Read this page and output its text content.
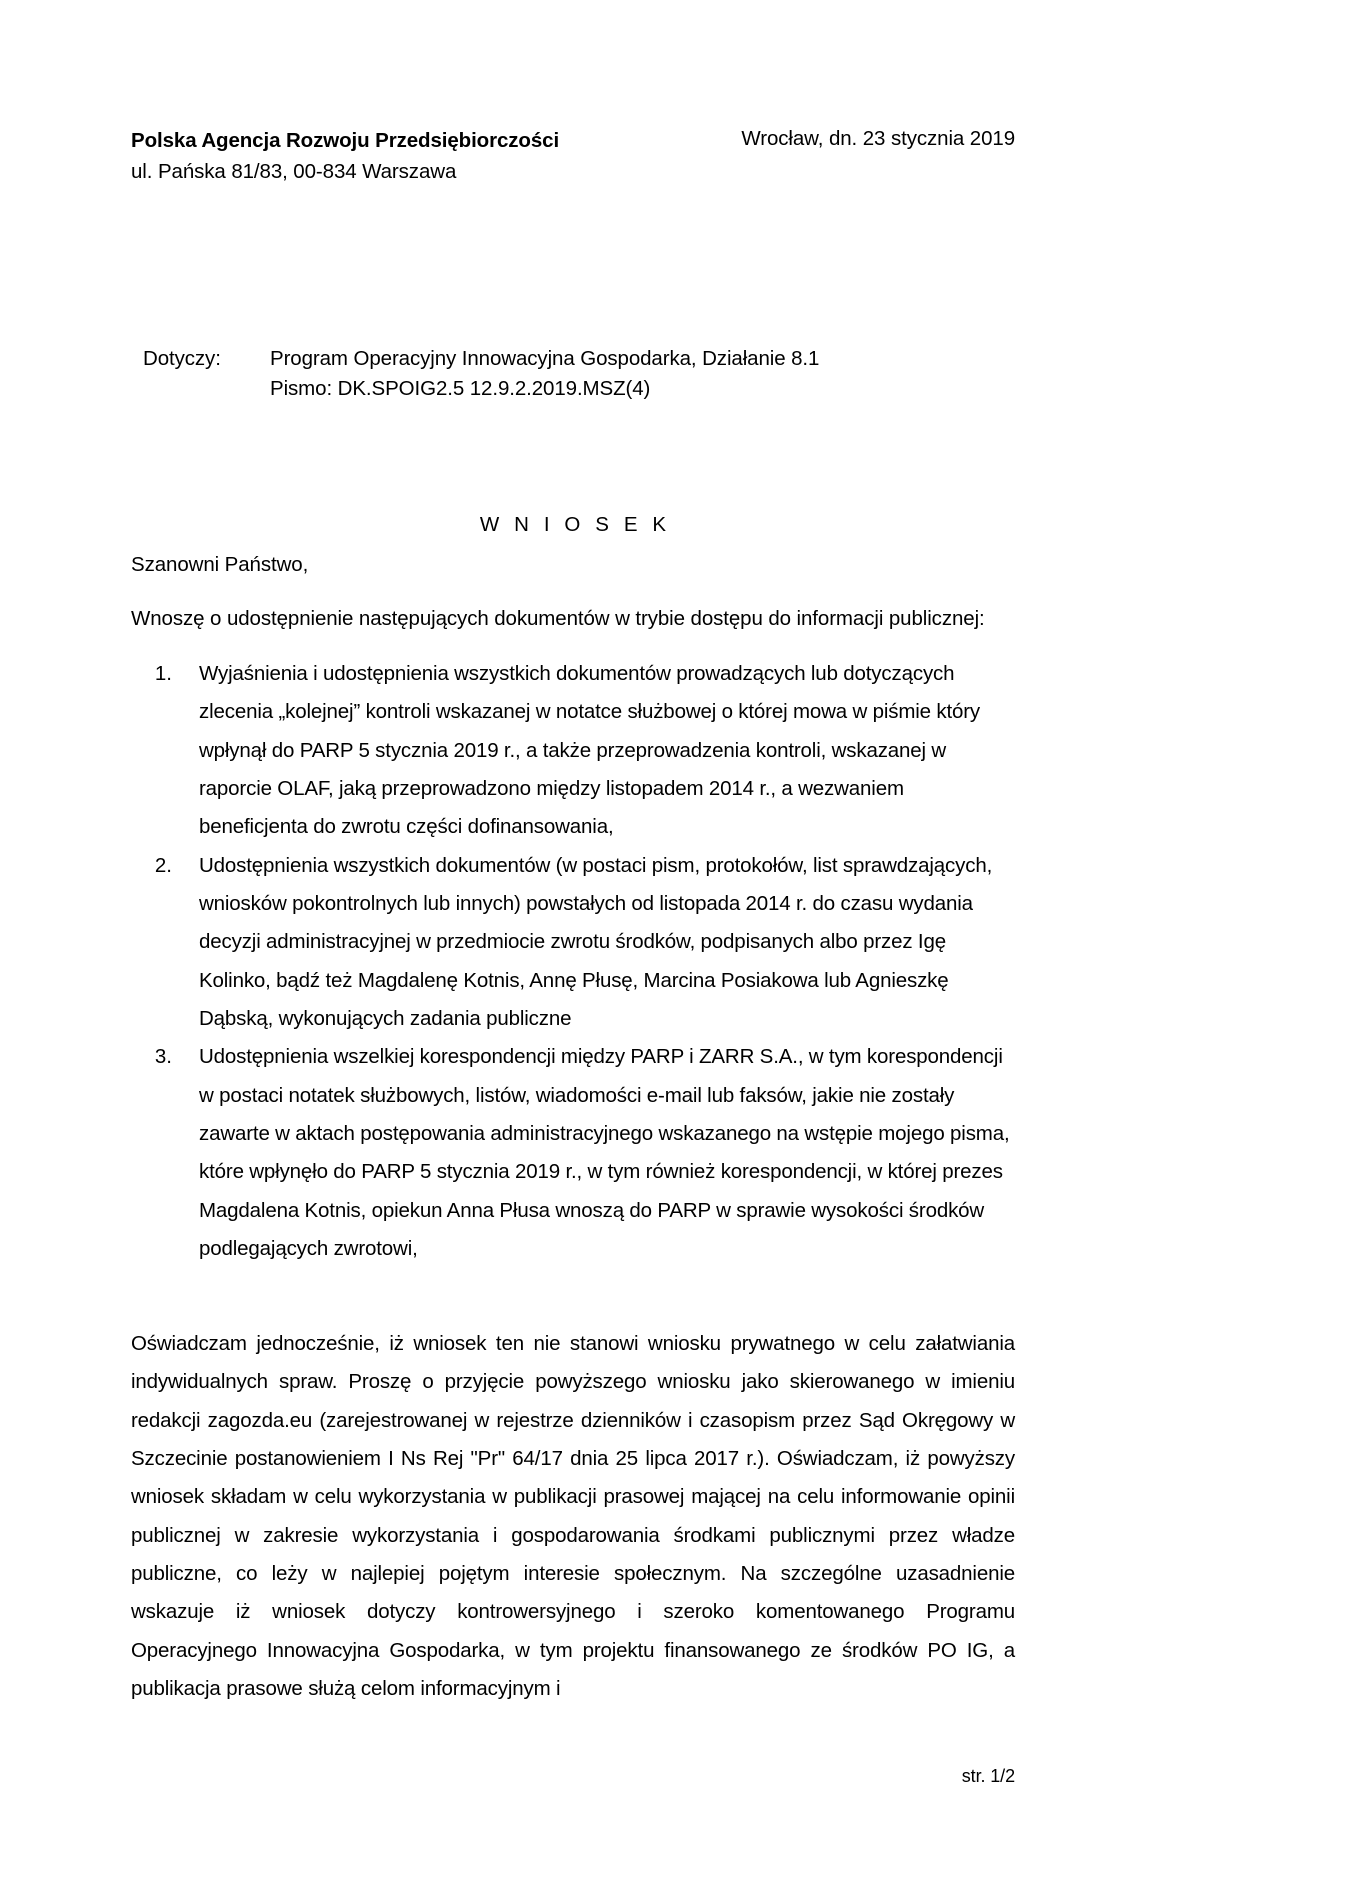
Polska Agencja Rozwoju Przedsiębiorczości
ul. Pańska 81/83, 00-834 Warszawa
Wrocław, dn. 23 stycznia 2019
Dotyczy:	Program Operacyjny Innowacyjna Gospodarka, Działanie 8.1
Pismo: DK.SPOIG2.5 12.9.2.2019.MSZ(4)
W N I O S E K
Szanowni Państwo,
Wnoszę o udostępnienie następujących dokumentów w trybie dostępu do informacji publicznej:
1.	Wyjaśnienia i udostępnienia wszystkich dokumentów prowadzących lub dotyczących zlecenia „kolejnej” kontroli wskazanej w notatce służbowej o której mowa w piśmie który wpłynął do PARP 5 stycznia 2019 r., a także przeprowadzenia kontroli, wskazanej w raporcie OLAF, jaką przeprowadzono między listopadem 2014 r., a wezwaniem beneficjenta do zwrotu części dofinansowania,
2.	Udostępnienia wszystkich dokumentów (w postaci pism, protokołów, list sprawdzających, wniosków pokontrolnych lub innych) powstałych od listopada 2014 r. do czasu wydania decyzji administracyjnej w przedmiocie zwrotu środków, podpisanych albo przez Igę Kolinko, bądź też Magdalenę Kotnis, Annę Płusę, Marcina Posiakowa lub Agnieszkę Dąbską, wykonujących zadania publiczne
3.	Udostępnienia wszelkiej korespondencji między PARP i ZARR S.A., w tym korespondencji w postaci notatek służbowych, listów, wiadomości e-mail lub faksów, jakie nie zostały zawarte w aktach postępowania administracyjnego wskazanego na wstępie mojego pisma, które wpłynęło do PARP 5 stycznia 2019 r., w tym również korespondencji, w której prezes Magdalena Kotnis, opiekun Anna Płusa wnoszą do PARP w sprawie wysokości środków podlegających zwrotowi,

Oświadczam jednocześnie, iż wniosek ten nie stanowi wniosku prywatnego w celu załatwiania indywidualnych spraw. Proszę o przyjęcie powyższego wniosku jako skierowanego w imieniu redakcji zagozda.eu (zarejestrowanej w rejestrze dzienników i czasopism przez Sąd Okręgowy w Szczecinie postanowieniem I Ns Rej "Pr" 64/17 dnia 25 lipca 2017 r.). Oświadczam, iż powyższy wniosek składam w celu wykorzystania w publikacji prasowej mającej na celu informowanie opinii publicznej w zakresie wykorzystania i gospodarowania środkami publicznymi przez władze publiczne, co leży w najlepiej pojętym interesie społecznym. Na szczególne uzasadnienie wskazuje iż wniosek dotyczy kontrowersyjnego i szeroko komentowanego Programu Operacyjnego Innowacyjna Gospodarka, w tym projektu finansowanego ze środków PO IG, a publikacja prasowe służą celom informacyjnym i

str. 1/2
